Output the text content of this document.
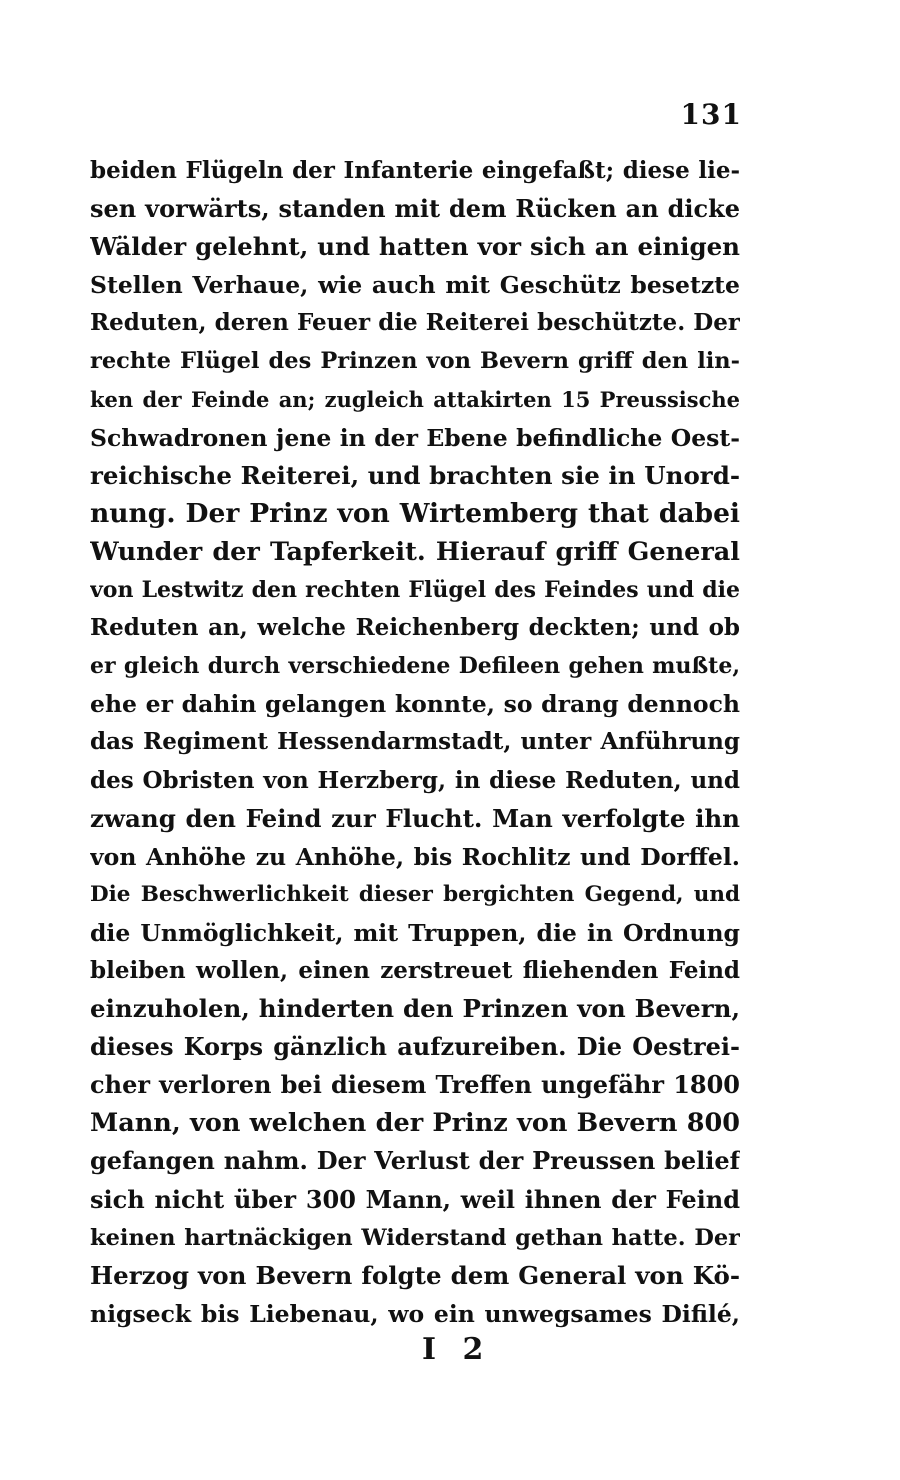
131
beiden Flügeln der Infanterie eingefaßt; diese lie-
sen vorwärts, standen mit dem Rücken an dicke
Wälder gelehnt, und hatten vor sich an einigen
Stellen Verhaue, wie auch mit Geschütz besetzte
Reduten, deren Feuer die Reiterei beschützte. Der
rechte Flügel des Prinzen von Bevern griff den lin-
ken der Feinde an; zugleich attakirten 15 Preussische
Schwadronen jene in der Ebene befindliche Oest-
reichische Reiterei, und brachten sie in Unord-
nung. Der Prinz von Wirtemberg that dabei
Wunder der Tapferkeit. Hierauf griff General
von Lestwitz den rechten Flügel des Feindes und die
Reduten an, welche Reichenberg deckten; und ob
er gleich durch verschiedene Defileen gehen mußte,
ehe er dahin gelangen konnte, so drang dennoch
das Regiment Hessendarmstadt, unter Anführung
des Obristen von Herzberg, in diese Reduten, und
zwang den Feind zur Flucht. Man verfolgte ihn
von Anhöhe zu Anhöhe, bis Rochlitz und Dorffel.
Die Beschwerlichkeit dieser bergichten Gegend, und
die Unmöglichkeit, mit Truppen, die in Ordnung
bleiben wollen, einen zerstreuet fliehenden Feind
einzuholen, hinderten den Prinzen von Bevern,
dieses Korps gänzlich aufzureiben. Die Oestrei-
cher verloren bei diesem Treffen ungefähr 1800
Mann, von welchen der Prinz von Bevern 800
gefangen nahm. Der Verlust der Preussen belief
sich nicht über 300 Mann, weil ihnen der Feind
keinen hartnäckigen Widerstand gethan hatte. Der
Herzog von Bevern folgte dem General von Kö-
nigseck bis Liebenau, wo ein unwegsames Difilé,
I 2
